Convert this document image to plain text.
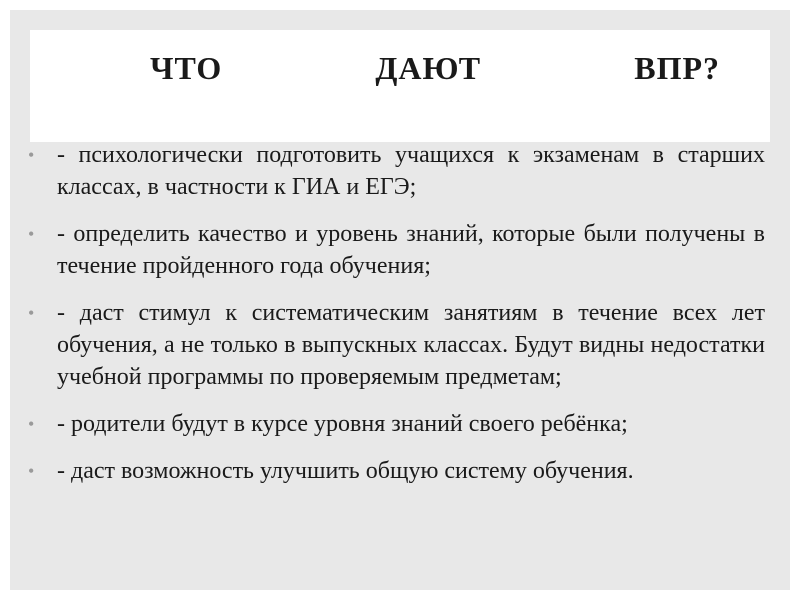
ЧТО	ДАЮТ	ВПР?
• - психологически подготовить учащихся к экзаменам в старших классах, в частности к ГИА и ЕГЭ;
• - определить качество и уровень знаний, которые были получены в течение пройденного года обучения;
• - даст стимул к систематическим занятиям в течение всех лет обучения, а не только в выпускных классах. Будут видны недостатки учебной программы по проверяемым предметам;
• - родители будут в курсе уровня знаний своего ребёнка;
• - даст возможность улучшить общую систему обучения.
